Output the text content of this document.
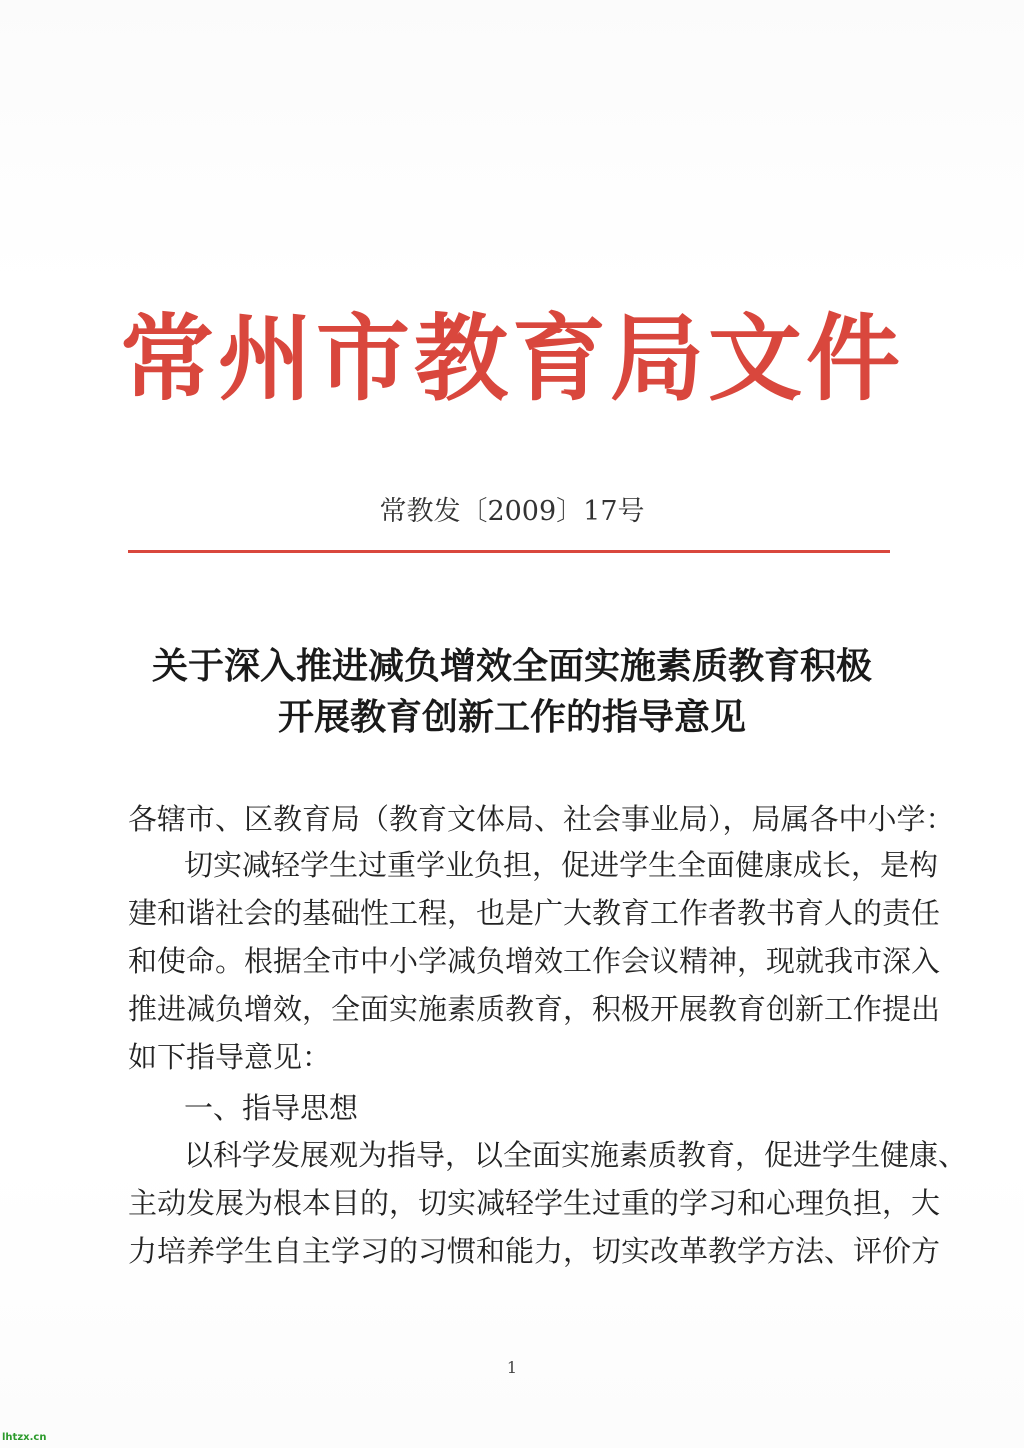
常州市教育局文件
常教发〔2009〕17号
关于深入推进减负增效全面实施素质教育积极
开展教育创新工作的指导意见
各辖市、区教育局（教育文体局、社会事业局），局属各中小学：
切实减轻学生过重学业负担，促进学生全面健康成长，是构
建和谐社会的基础性工程，也是广大教育工作者教书育人的责任
和使命。根据全市中小学减负增效工作会议精神，现就我市深入
推进减负增效，全面实施素质教育，积极开展教育创新工作提出
如下指导意见：
一、指导思想
以科学发展观为指导，以全面实施素质教育，促进学生健康、
主动发展为根本目的，切实减轻学生过重的学习和心理负担，大
力培养学生自主学习的习惯和能力，切实改革教学方法、评价方
1
lhtzx.cn
